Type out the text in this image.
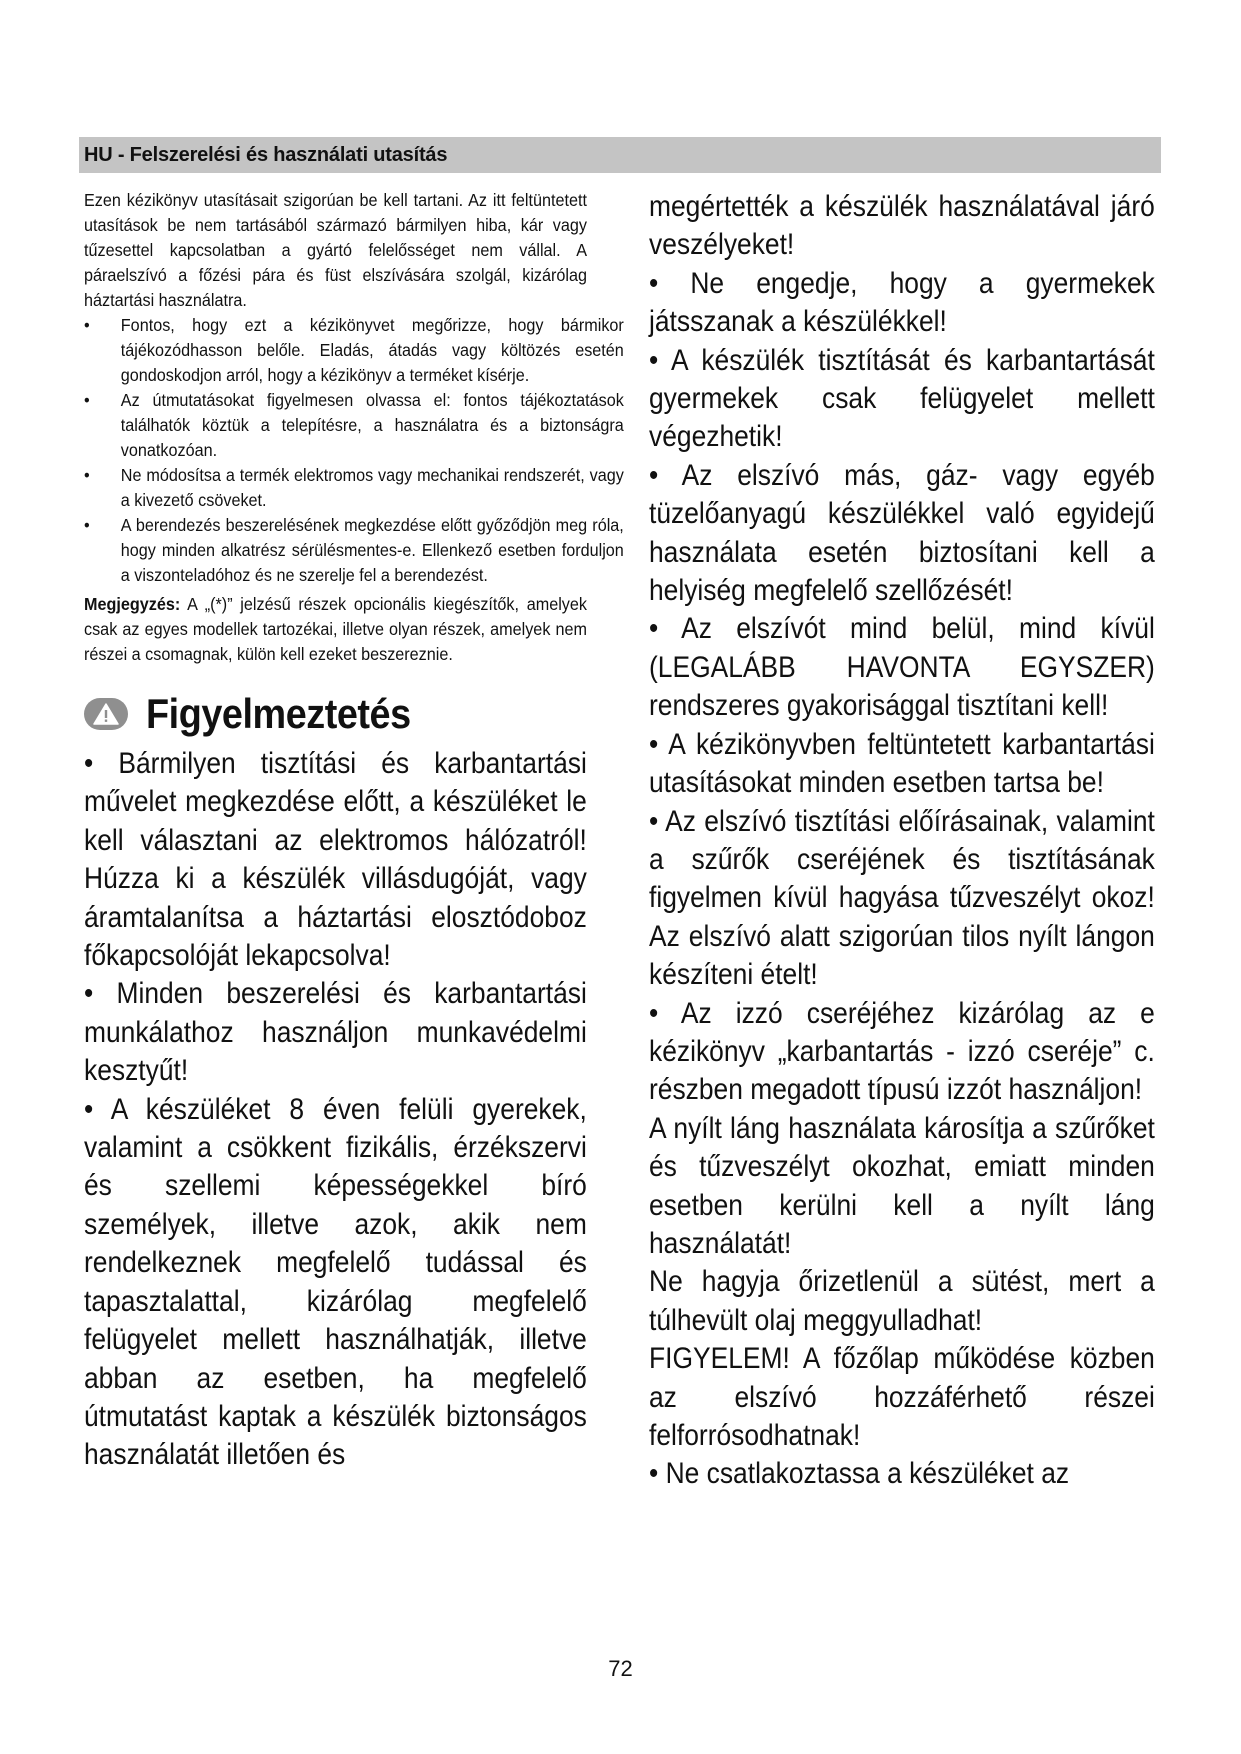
HU - Felszerelési és használati utasítás

Ezen kézikönyv utasításait szigorúan be kell tartani. Az itt feltüntetett utasítások be nem tartásából származó bármilyen hiba, kár vagy tűzesettel kapcsolatban a gyártó felelősséget nem vállal. A páraelszívó a főzési pára és füst elszívására szolgál, kizárólag háztartási használatra.

• Fontos, hogy ezt a kézikönyvet megőrizze, hogy bármikor tájékozódhasson belőle. Eladás, átadás vagy költözés esetén gondoskodjon arról, hogy a kézikönyv a terméket kísérje.

• Az útmutatásokat figyelmesen olvassa el: fontos tájékoztatások találhatók köztük a telepítésre, a használatra és a biztonságra vonatkozóan.

• Ne módosítsa a termék elektromos vagy mechanikai rendszerét, vagy a kivezető csöveket.

• A berendezés beszerelésének megkezdése előtt győződjön meg róla, hogy minden alkatrész sérülésmentes-e. Ellenkező esetben forduljon a viszonteladóhoz és ne szerelje fel a berendezést.

Megjegyzés: A „(*)” jelzésű részek opcionális kiegészítők, amelyek csak az egyes modellek tartozékai, illetve olyan részek, amelyek nem részei a csomagnak, külön kell ezeket beszereznie.

Figyelmeztetés

• Bármilyen tisztítási és karbantartási művelet megkezdése előtt, a készüléket le kell választani az elektromos hálózatról! Húzza ki a készülék villásdugóját, vagy áramtalanítsa a háztartási elosztódoboz főkapcsolóját lekapcsolva!

• Minden beszerelési és karbantartási munkálathoz használjon munkavédelmi kesztyűt!

• A készüléket 8 éven felüli gyerekek, valamint a csökkent fizikális, érzékszervi és szellemi képességekkel bíró személyek, illetve azok, akik nem rendelkeznek megfelelő tudással és tapasztalattal, kizárólag megfelelő felügyelet mellett használhatják, illetve abban az esetben, ha megfelelő útmutatást kaptak a készülék biztonságos használatát illetően és

megértették a készülék használatával járó veszélyeket!

• Ne engedje, hogy a gyermekek játsszanak a készülékkel!

• A készülék tisztítását és karbantartását gyermekek csak felügyelet mellett végezhetik!

• Az elszívó más, gáz- vagy egyéb tüzelőanyagú készülékkel való egyidejű használata esetén biztosítani kell a helyiség megfelelő szellőzését!

• Az elszívót mind belül, mind kívül (LEGALÁBB HAVONTA EGYSZER) rendszeres gyakorisággal tisztítani kell!

• A kézikönyvben feltüntetett karbantartási utasításokat minden esetben tartsa be!

• Az elszívó tisztítási előírásainak, valamint a szűrők cseréjének és tisztításának figyelmen kívül hagyása tűzveszélyt okoz! Az elszívó alatt szigorúan tilos nyílt lángon készíteni ételt!

• Az izzó cseréjéhez kizárólag az e kézikönyv „karbantartás - izzó cseréje” c. részben megadott típusú izzót használjon!

A nyílt láng használata károsítja a szűrőket és tűzveszélyt okozhat, emiatt minden esetben kerülni kell a nyílt láng használatát!

Ne hagyja őrizetlenül a sütést, mert a túlhevült olaj meggyulladhat!

FIGYELEM! A főzőlap működése közben az elszívó hozzáférhető részei felforrósodhatnak!

• Ne csatlakoztassa a készüléket az

72
